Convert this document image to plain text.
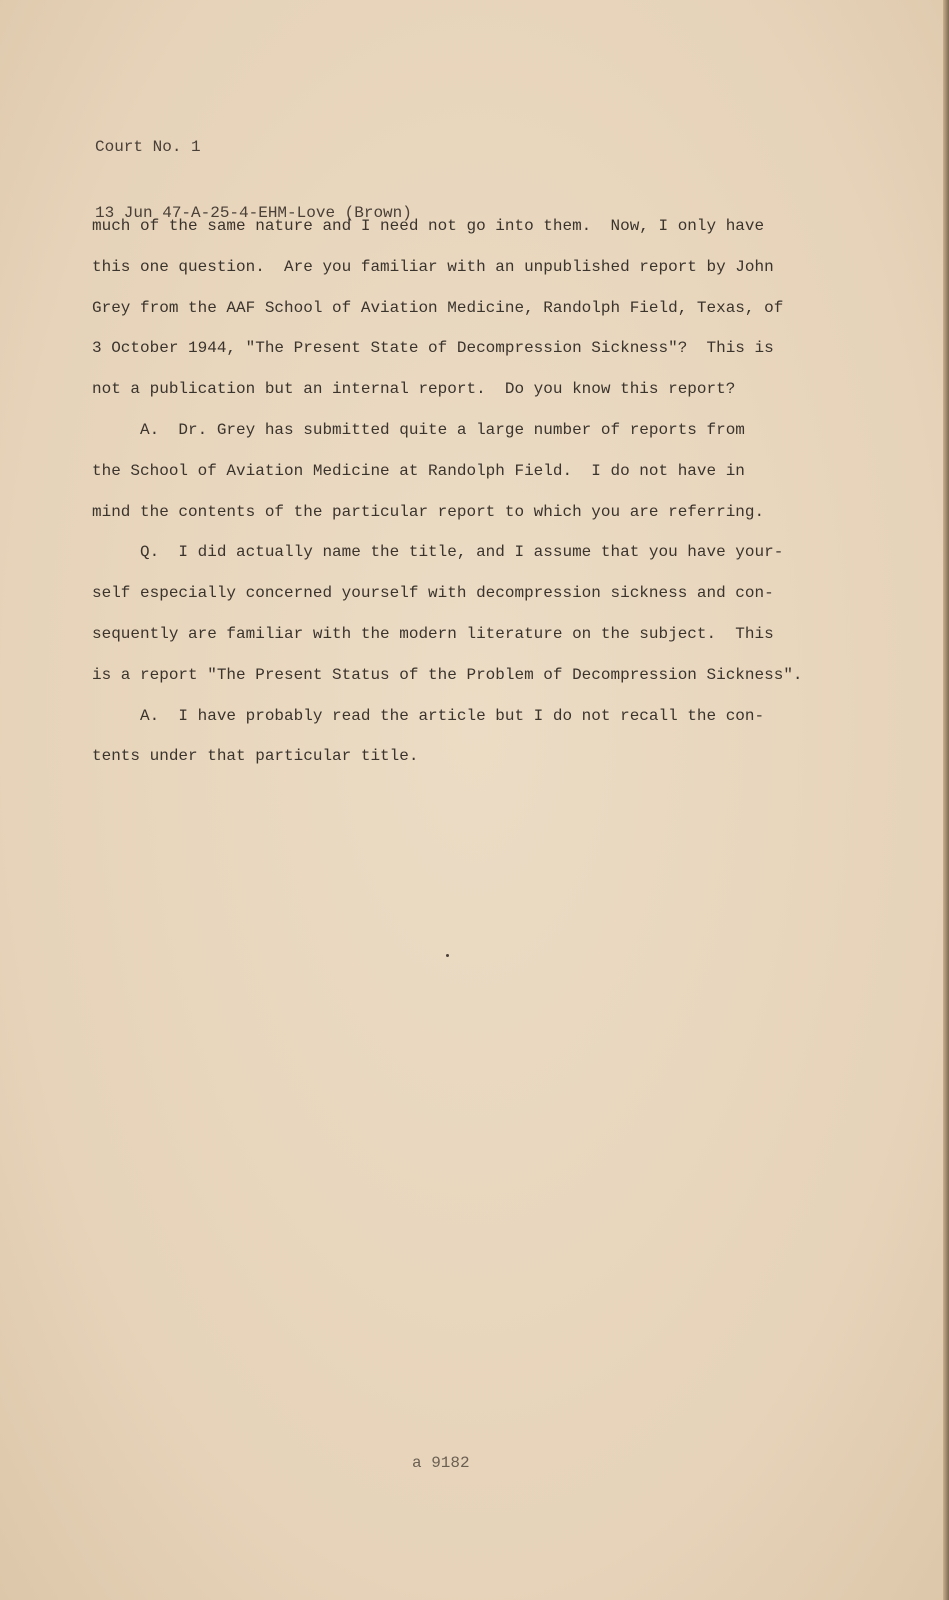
Court No. 1

13 Jun 47-A-25-4-EHM-Love (Brown)

much of the same nature and I need not go into them.  Now, I only have
this one question.  Are you familiar with an unpublished report by John
Grey from the AAF School of Aviation Medicine, Randolph Field, Texas, of
3 October 1944, "The Present State of Decompression Sickness"?  This is
not a publication but an internal report.  Do you know this report?
A.  Dr. Grey has submitted quite a large number of reports from
the School of Aviation Medicine at Randolph Field.  I do not have in
mind the contents of the particular report to which you are referring.
Q.  I did actually name the title, and I assume that you have your-
self especially concerned yourself with decompression sickness and con-
sequently are familiar with the modern literature on the subject.  This
is a report "The Present Status of the Problem of Decompression Sickness".
A.  I have probably read the article but I do not recall the con-
tents under that particular title.
a 9182
